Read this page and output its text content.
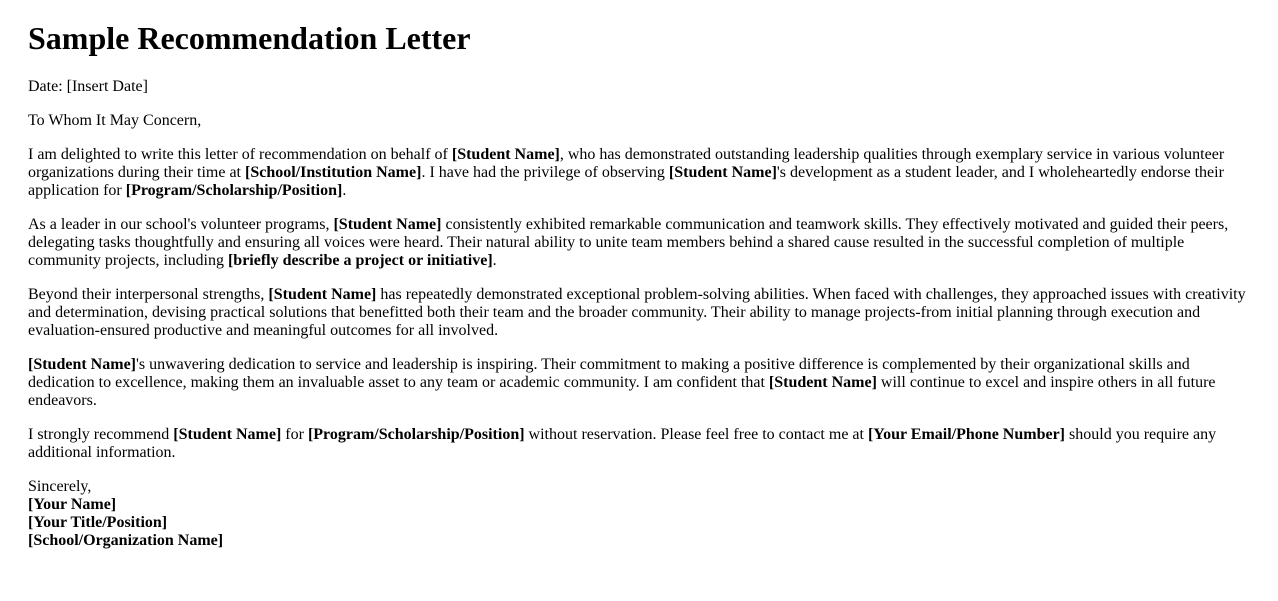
Sample Recommendation Letter

Date: [Insert Date]

To Whom It May Concern,

I am delighted to write this letter of recommendation on behalf of [Student Name], who has demonstrated outstanding leadership qualities through exemplary service in various volunteer organizations during their time at [School/Institution Name]. I have had the privilege of observing [Student Name]'s development as a student leader, and I wholeheartedly endorse their application for [Program/Scholarship/Position].

As a leader in our school's volunteer programs, [Student Name] consistently exhibited remarkable communication and teamwork skills. They effectively motivated and guided their peers, delegating tasks thoughtfully and ensuring all voices were heard. Their natural ability to unite team members behind a shared cause resulted in the successful completion of multiple community projects, including [briefly describe a project or initiative].

Beyond their interpersonal strengths, [Student Name] has repeatedly demonstrated exceptional problem-solving abilities. When faced with challenges, they approached issues with creativity and determination, devising practical solutions that benefitted both their team and the broader community. Their ability to manage projects-from initial planning through execution and evaluation-ensured productive and meaningful outcomes for all involved.

[Student Name]'s unwavering dedication to service and leadership is inspiring. Their commitment to making a positive difference is complemented by their organizational skills and dedication to excellence, making them an invaluable asset to any team or academic community. I am confident that [Student Name] will continue to excel and inspire others in all future endeavors.

I strongly recommend [Student Name] for [Program/Scholarship/Position] without reservation. Please feel free to contact me at [Your Email/Phone Number] should you require any additional information.

Sincerely,
[Your Name]
[Your Title/Position]
[School/Organization Name]
